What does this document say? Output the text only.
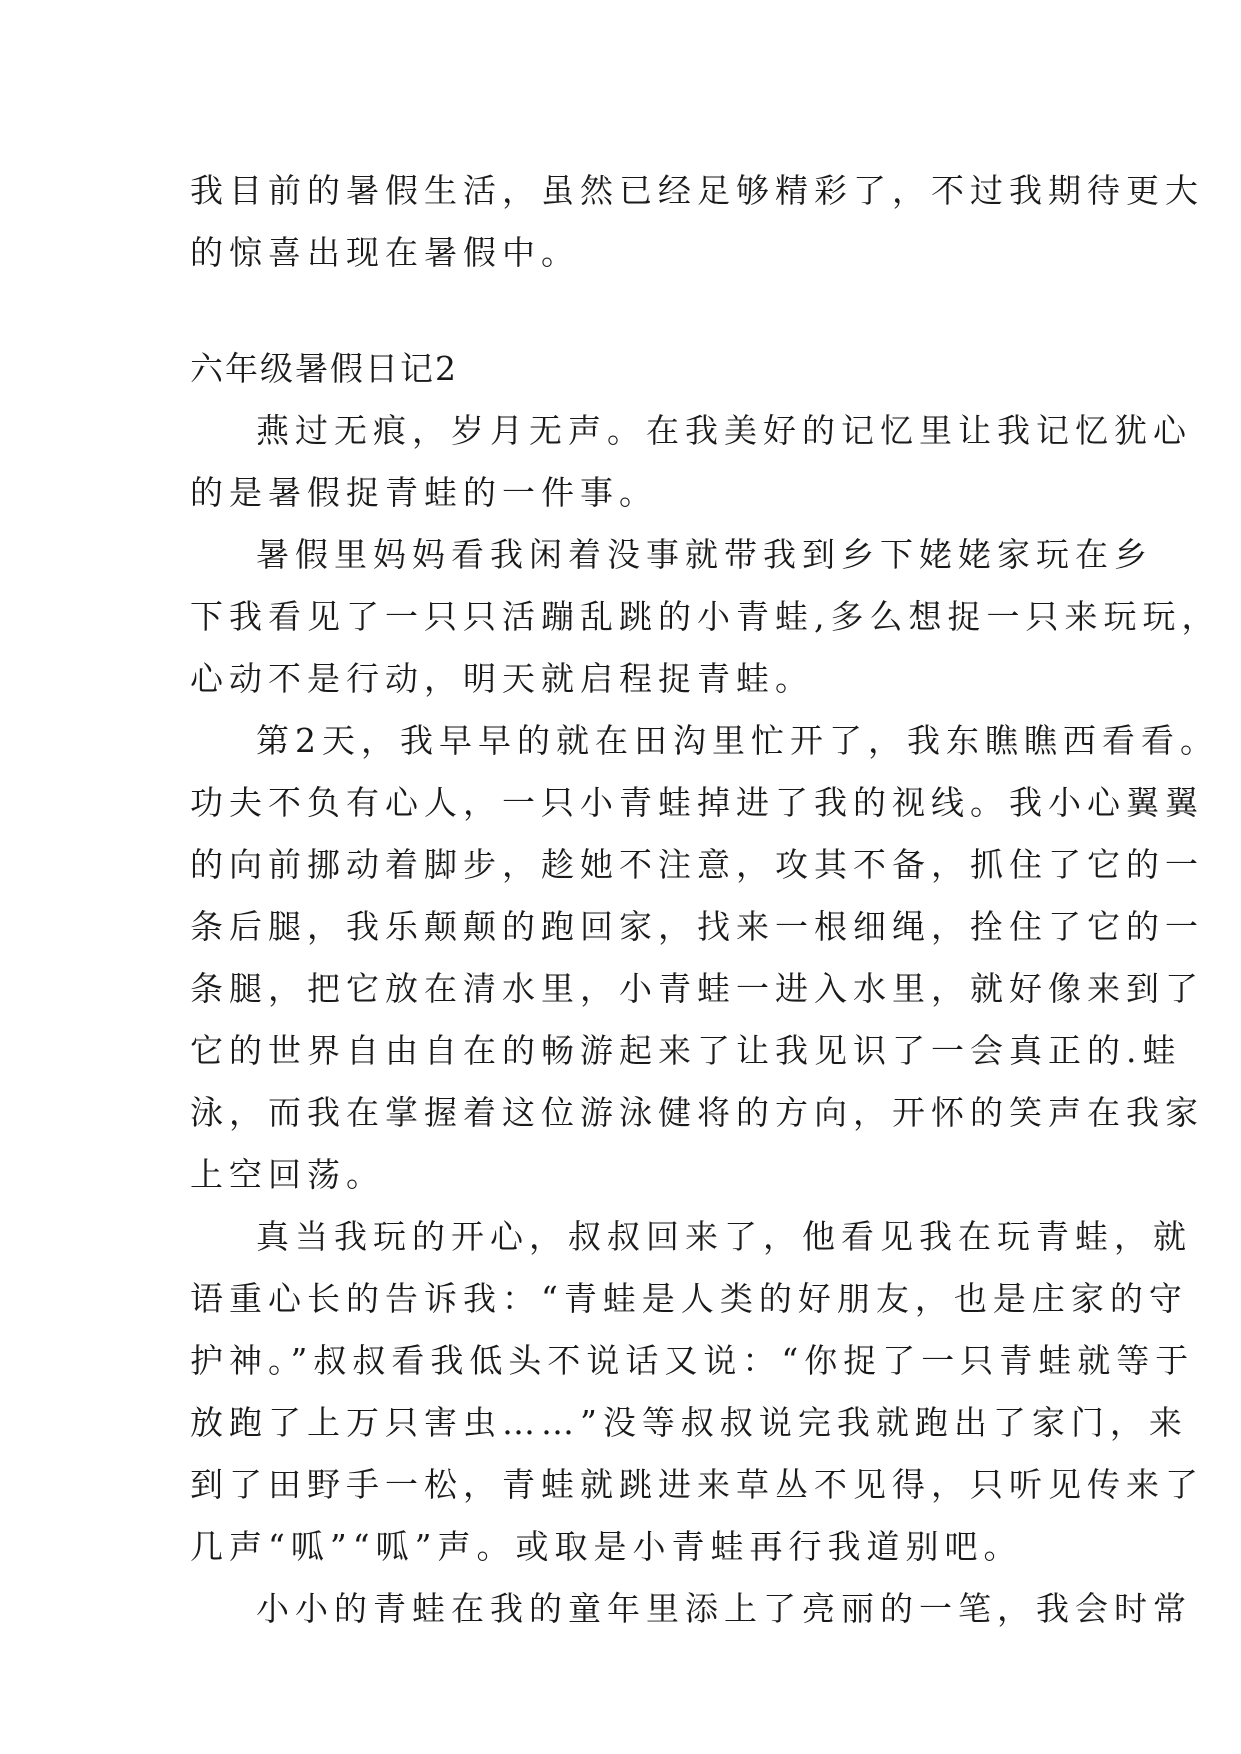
我目前的暑假生活，虽然已经足够精彩了，不过我期待更大
的惊喜出现在暑假中。
六年级暑假日记2
燕过无痕，岁月无声。在我美好的记忆里让我记忆犹心
的是暑假捉青蛙的一件事。
暑假里妈妈看我闲着没事就带我到乡下姥姥家玩在乡
下我看见了一只只活蹦乱跳的小青蛙,多么想捉一只来玩玩，
心动不是行动，明天就启程捉青蛙。
第2天，我早早的就在田沟里忙开了，我东瞧瞧西看看。
功夫不负有心人，一只小青蛙掉进了我的视线。我小心翼翼
的向前挪动着脚步，趁她不注意，攻其不备，抓住了它的一
条后腿，我乐颠颠的跑回家，找来一根细绳，拴住了它的一
条腿，把它放在清水里，小青蛙一进入水里，就好像来到了
它的世界自由自在的畅游起来了让我见识了一会真正的.蛙
泳，而我在掌握着这位游泳健将的方向，开怀的笑声在我家
上空回荡。
真当我玩的开心，叔叔回来了，他看见我在玩青蛙，就
语重心长的告诉我：“青蛙是人类的好朋友，也是庄家的守
护神。”叔叔看我低头不说话又说：“你捉了一只青蛙就等于
放跑了上万只害虫……”没等叔叔说完我就跑出了家门，来
到了田野手一松，青蛙就跳进来草丛不见得，只听见传来了
几声“呱”“呱”声。或取是小青蛙再行我道别吧。
小小的青蛙在我的童年里添上了亮丽的一笔，我会时常
